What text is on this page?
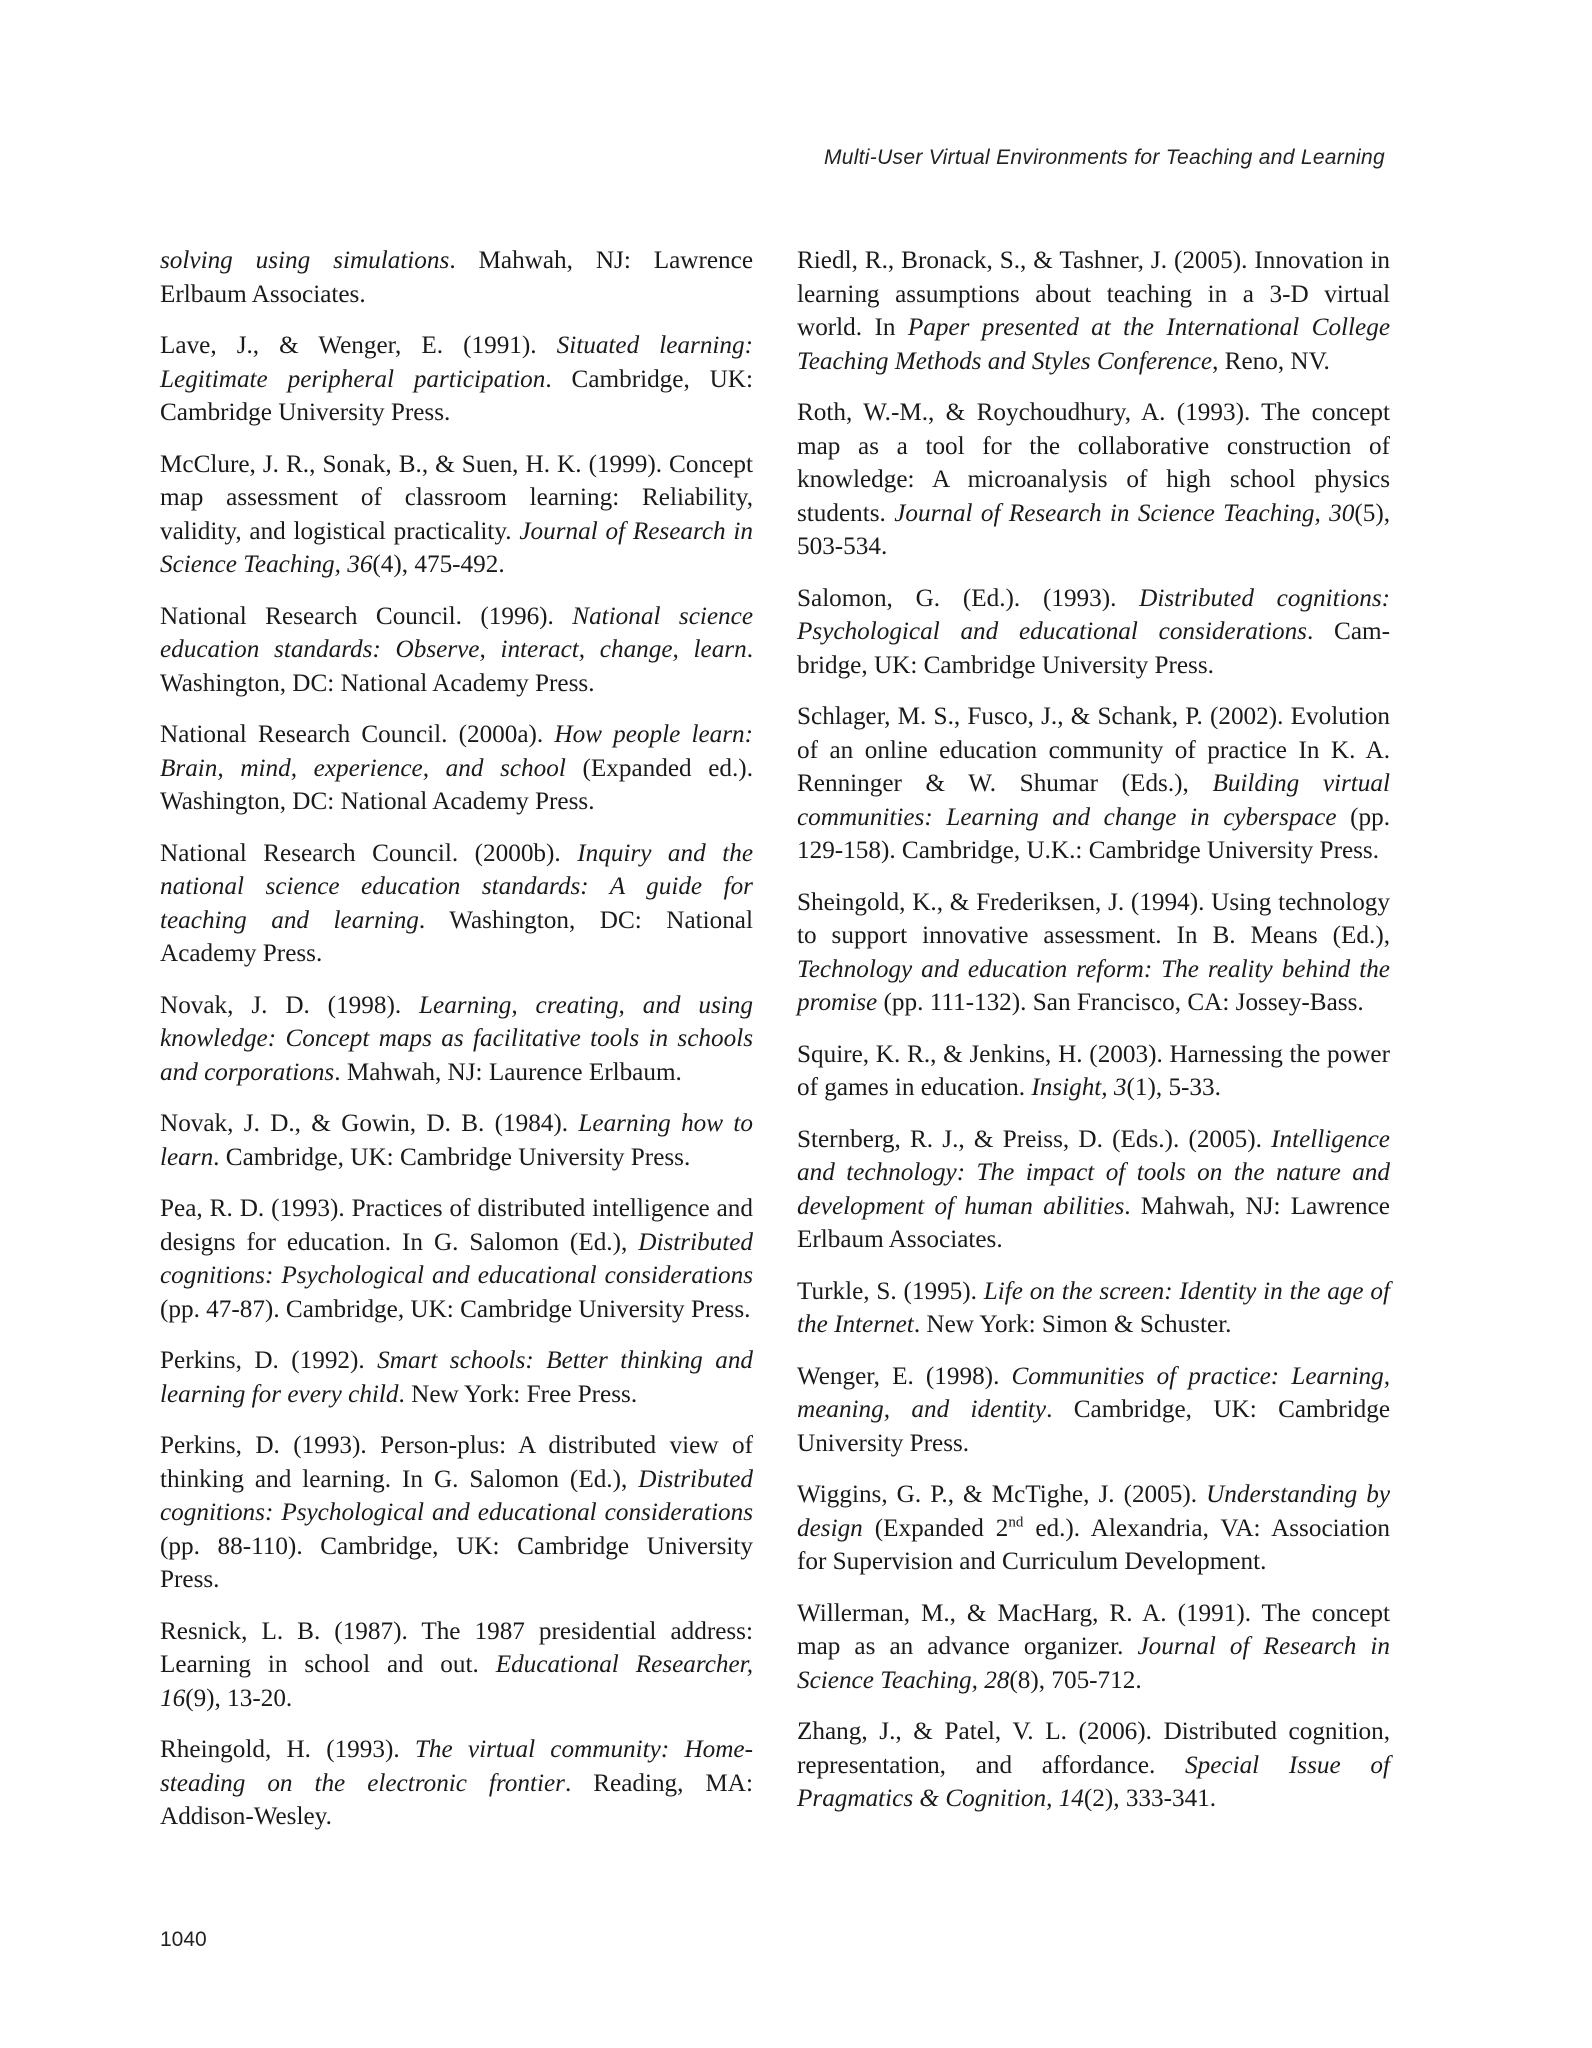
Multi-User Virtual Environments for Teaching and Learning

solving using simulations. Mahwah, NJ: Lawrence Erlbaum Associates.

Lave, J., & Wenger, E. (1991). Situated learning: Legitimate peripheral participation. Cambridge, UK: Cambridge University Press.

McClure, J. R., Sonak, B., & Suen, H. K. (1999). Concept map assessment of classroom learning: Reliability, validity, and logistical practicality. Journal of Research in Science Teaching, 36(4), 475-492.

National Research Council. (1996). National science education standards: Observe, interact, change, learn. Washington, DC: National Academy Press.

National Research Council. (2000a). How people learn: Brain, mind, experience, and school (Expanded ed.). Washington, DC: National Academy Press.

National Research Council. (2000b). Inquiry and the national science education standards: A guide for teaching and learning. Washington, DC: National Academy Press.

Novak, J. D. (1998). Learning, creating, and using knowledge: Concept maps as facilitative tools in schools and corporations. Mahwah, NJ: Laurence Erlbaum.

Novak, J. D., & Gowin, D. B. (1984). Learning how to learn. Cambridge, UK: Cambridge University Press.

Pea, R. D. (1993). Practices of distributed intelligence and designs for education. In G. Salomon (Ed.), Distributed cognitions: Psychological and educational considerations (pp. 47-87). Cambridge, UK: Cambridge University Press.

Perkins, D. (1992). Smart schools: Better thinking and learning for every child. New York: Free Press.

Perkins, D. (1993). Person-plus: A distributed view of thinking and learning. In G. Salomon (Ed.), Distributed cognitions: Psychological and educational considerations (pp. 88-110). Cambridge, UK: Cambridge University Press.

Resnick, L. B. (1987). The 1987 presidential address: Learning in school and out. Educational Researcher, 16(9), 13-20.

Rheingold, H. (1993). The virtual community: Homesteading on the electronic frontier. Reading, MA: Addison-Wesley.

Riedl, R., Bronack, S., & Tashner, J. (2005). Innovation in learning assumptions about teaching in a 3-D virtual world. In Paper presented at the International College Teaching Methods and Styles Conference, Reno, NV.

Roth, W.-M., & Roychoudhury, A. (1993). The concept map as a tool for the collaborative construction of knowledge: A microanalysis of high school physics students. Journal of Research in Science Teaching, 30(5), 503-534.

Salomon, G. (Ed.). (1993). Distributed cognitions: Psychological and educational considerations. Cambridge, UK: Cambridge University Press.

Schlager, M. S., Fusco, J., & Schank, P. (2002). Evolution of an online education community of practice In K. A. Renninger & W. Shumar (Eds.), Building virtual communities: Learning and change in cyberspace (pp. 129-158). Cambridge, U.K.: Cambridge University Press.

Sheingold, K., & Frederiksen, J. (1994). Using technology to support innovative assessment. In B. Means (Ed.), Technology and education reform: The reality behind the promise (pp. 111-132). San Francisco, CA: Jossey-Bass.

Squire, K. R., & Jenkins, H. (2003). Harnessing the power of games in education. Insight, 3(1), 5-33.

Sternberg, R. J., & Preiss, D. (Eds.). (2005). Intelligence and technology: The impact of tools on the nature and development of human abilities. Mahwah, NJ: Lawrence Erlbaum Associates.

Turkle, S. (1995). Life on the screen: Identity in the age of the Internet. New York: Simon & Schuster.

Wenger, E. (1998). Communities of practice: Learning, meaning, and identity. Cambridge, UK: Cambridge University Press.

Wiggins, G. P., & McTighe, J. (2005). Understanding by design (Expanded 2nd ed.). Alexandria, VA: Association for Supervision and Curriculum Development.

Willerman, M., & MacHarg, R. A. (1991). The concept map as an advance organizer. Journal of Research in Science Teaching, 28(8), 705-712.

Zhang, J., & Patel, V. L. (2006). Distributed cognition, representation, and affordance. Special Issue of Pragmatics & Cognition, 14(2), 333-341.

1040
